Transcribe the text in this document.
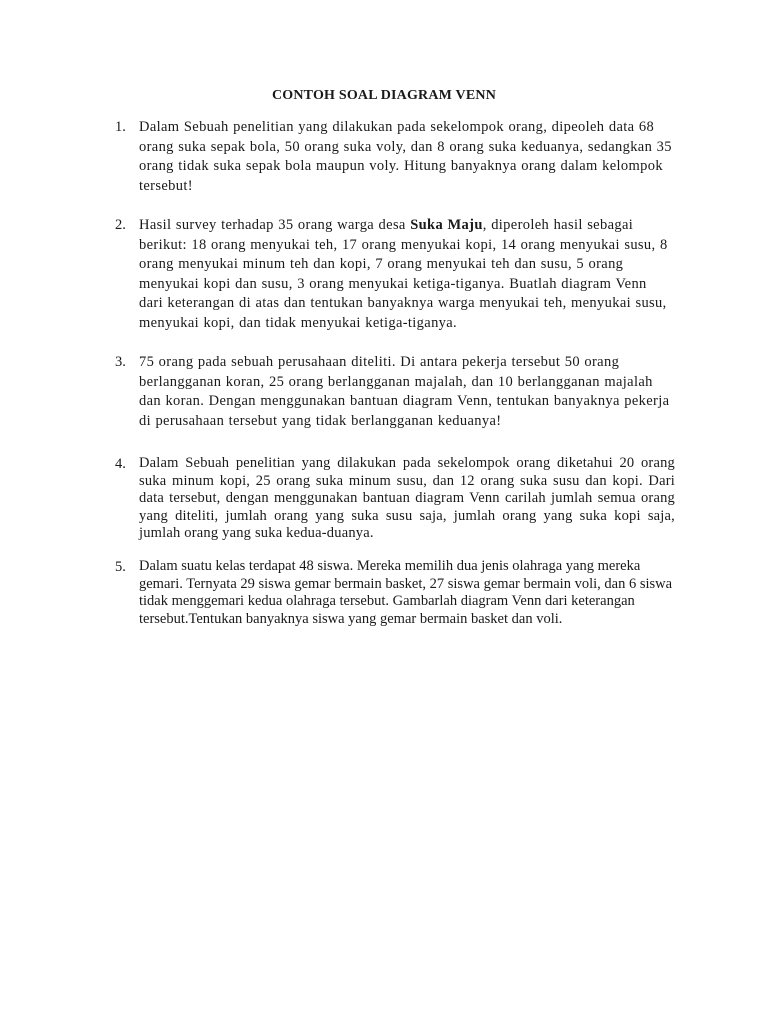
CONTOH SOAL DIAGRAM VENN
1. Dalam Sebuah penelitian yang dilakukan pada sekelompok orang, dipeoleh data 68 orang suka sepak bola, 50 orang suka voly, dan 8 orang suka keduanya, sedangkan 35 orang tidak suka sepak bola maupun voly. Hitung banyaknya orang dalam kelompok tersebut!
2. Hasil survey terhadap 35 orang warga desa Suka Maju, diperoleh hasil sebagai berikut: 18 orang menyukai teh, 17 orang menyukai kopi, 14 orang menyukai susu, 8 orang menyukai minum teh dan kopi, 7 orang menyukai teh dan susu, 5 orang menyukai kopi dan susu, 3 orang menyukai ketiga-tiganya. Buatlah diagram Venn dari keterangan di atas dan tentukan banyaknya warga menyukai teh, menyukai susu, menyukai kopi, dan tidak menyukai ketiga-tiganya.
3. 75 orang pada sebuah perusahaan diteliti. Di antara pekerja tersebut 50 orang berlangganan koran, 25 orang berlangganan majalah, dan 10 berlangganan majalah dan koran. Dengan menggunakan bantuan diagram Venn, tentukan banyaknya pekerja di perusahaan tersebut yang tidak berlangganan keduanya!
4. Dalam Sebuah penelitian yang dilakukan pada sekelompok orang diketahui 20 orang suka minum kopi, 25 orang suka minum susu, dan 12 orang suka susu dan kopi. Dari data tersebut, dengan menggunakan bantuan diagram Venn carilah jumlah semua orang yang diteliti, jumlah orang yang suka susu saja, jumlah orang yang suka kopi saja, jumlah orang yang suka kedua-duanya.
5. Dalam suatu kelas terdapat 48 siswa. Mereka memilih dua jenis olahraga yang mereka gemari. Ternyata 29 siswa gemar bermain basket, 27 siswa gemar bermain voli, dan 6 siswa tidak menggemari kedua olahraga tersebut. Gambarlah diagram Venn dari keterangan tersebut.Tentukan banyaknya siswa yang gemar bermain basket dan voli.
